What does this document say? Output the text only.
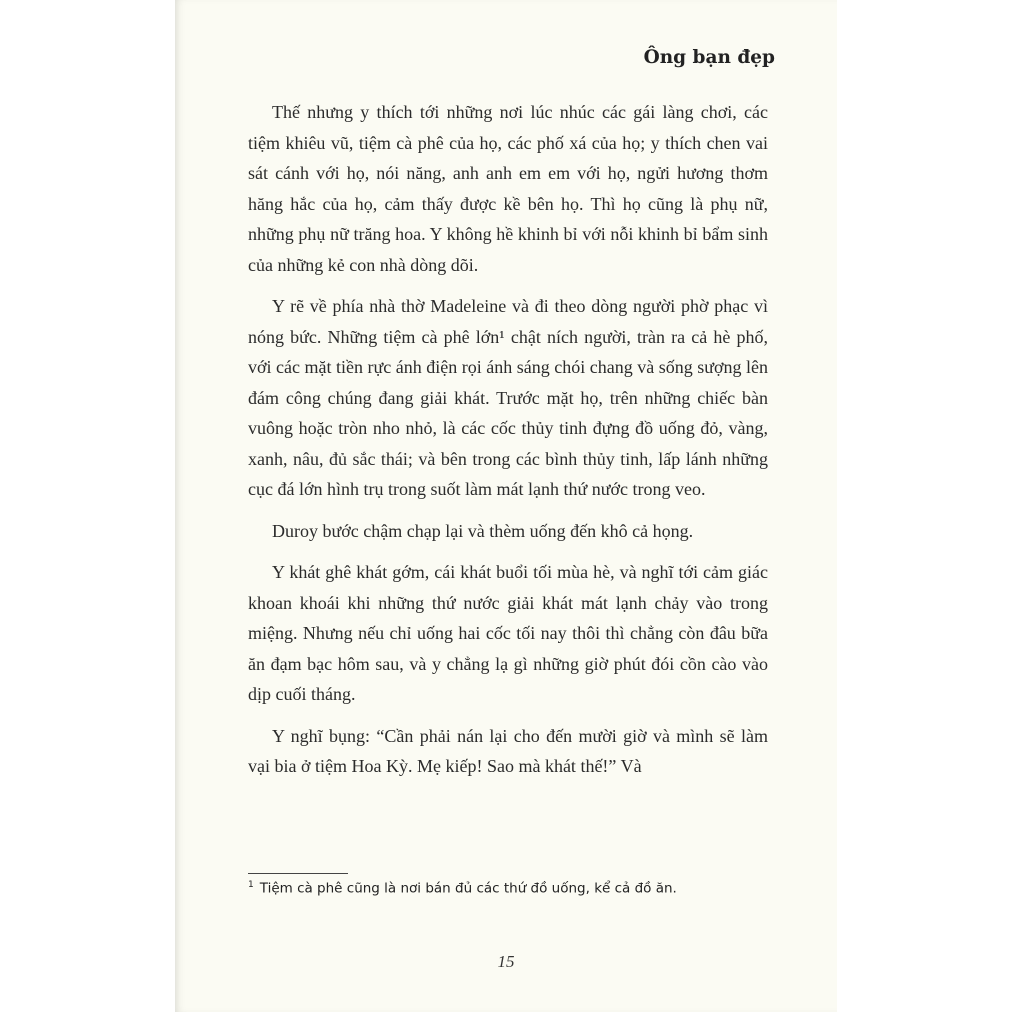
Ông bạn đẹp

Thế nhưng y thích tới những nơi lúc nhúc các gái làng chơi, các tiệm khiêu vũ, tiệm cà phê của họ, các phố xá của họ; y thích chen vai sát cánh với họ, nói năng, anh anh em em với họ, ngửi hương thơm hăng hắc của họ, cảm thấy được kề bên họ. Thì họ cũng là phụ nữ, những phụ nữ trăng hoa. Y không hề khinh bỉ với nỗi khinh bỉ bẩm sinh của những kẻ con nhà dòng dõi.

Y rẽ về phía nhà thờ Madeleine và đi theo dòng người phờ phạc vì nóng bức. Những tiệm cà phê lớn¹ chật ních người, tràn ra cả hè phố, với các mặt tiền rực ánh điện rọi ánh sáng chói chang và sống sượng lên đám công chúng đang giải khát. Trước mặt họ, trên những chiếc bàn vuông hoặc tròn nho nhỏ, là các cốc thủy tinh đựng đồ uống đỏ, vàng, xanh, nâu, đủ sắc thái; và bên trong các bình thủy tinh, lấp lánh những cục đá lớn hình trụ trong suốt làm mát lạnh thứ nước trong veo.

Duroy bước chậm chạp lại và thèm uống đến khô cả họng.

Y khát ghê khát gớm, cái khát buổi tối mùa hè, và nghĩ tới cảm giác khoan khoái khi những thứ nước giải khát mát lạnh chảy vào trong miệng. Nhưng nếu chỉ uống hai cốc tối nay thôi thì chẳng còn đâu bữa ăn đạm bạc hôm sau, và y chẳng lạ gì những giờ phút đói cồn cào vào dịp cuối tháng.

Y nghĩ bụng: “Cần phải nán lại cho đến mười giờ và mình sẽ làm vại bia ở tiệm Hoa Kỳ. Mẹ kiếp! Sao mà khát thế!” Và

$^1$ Tiệm cà phê cũng là nơi bán đủ các thứ đồ uống, kể cả đồ ăn.
15
